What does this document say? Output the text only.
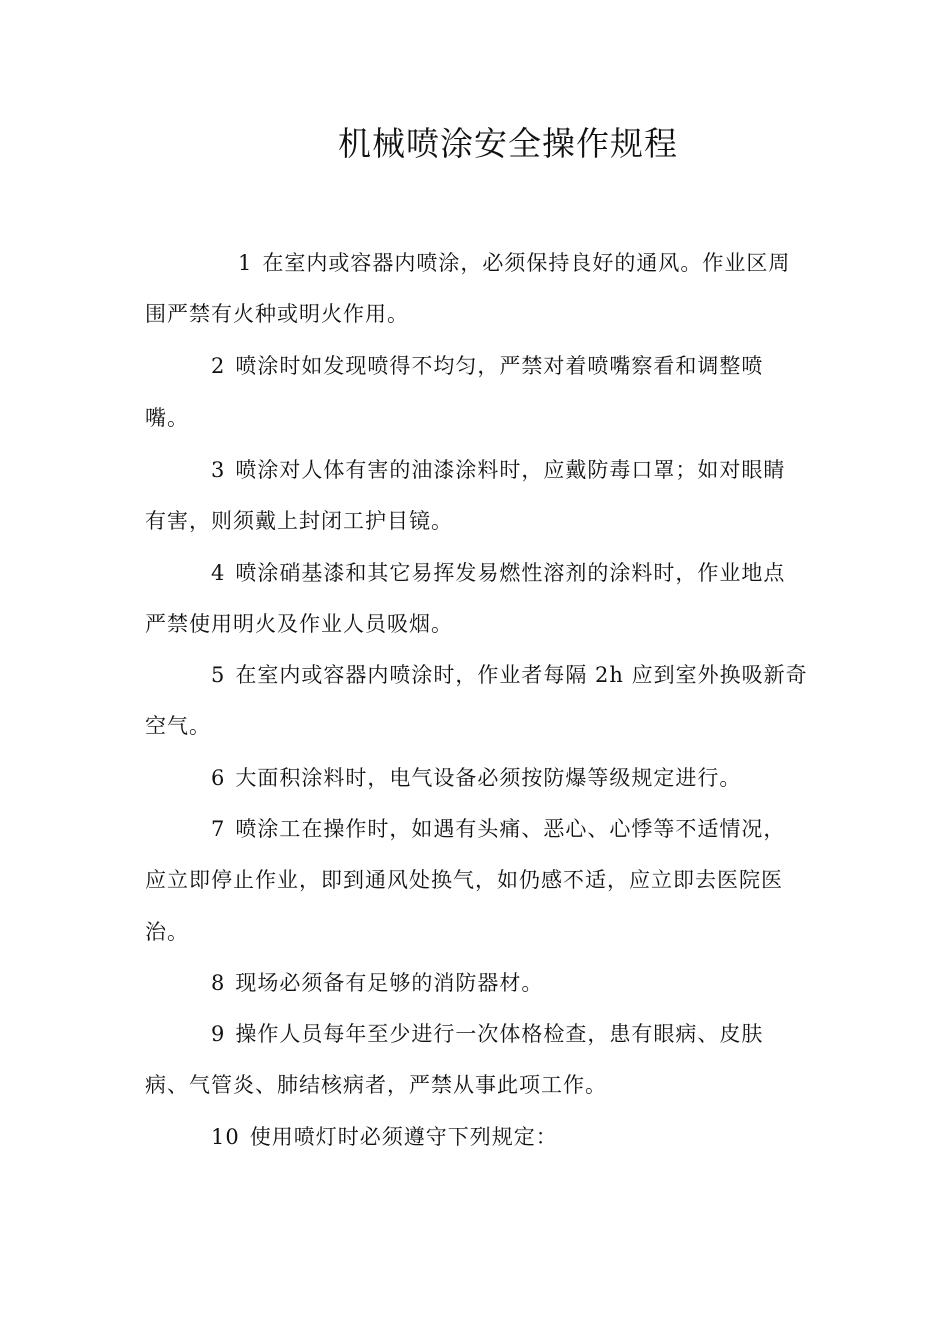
机械喷涂安全操作规程
1 在室内或容器内喷涂，必须保持良好的通风。作业区周
围严禁有火种或明火作用。
2 喷涂时如发现喷得不均匀，严禁对着喷嘴察看和调整喷
嘴。
3 喷涂对人体有害的油漆涂料时，应戴防毒口罩；如对眼睛
有害，则须戴上封闭工护目镜。
4 喷涂硝基漆和其它易挥发易燃性溶剂的涂料时，作业地点
严禁使用明火及作业人员吸烟。
5 在室内或容器内喷涂时，作业者每隔 2h 应到室外换吸新奇
空气。
6 大面积涂料时，电气设备必须按防爆等级规定进行。
7 喷涂工在操作时，如遇有头痛、恶心、心悸等不适情况，
应立即停止作业，即到通风处换气，如仍感不适，应立即去医院医
治。
8 现场必须备有足够的消防器材。
9 操作人员每年至少进行一次体格检查，患有眼病、皮肤
病、气管炎、肺结核病者，严禁从事此项工作。
10 使用喷灯时必须遵守下列规定：
